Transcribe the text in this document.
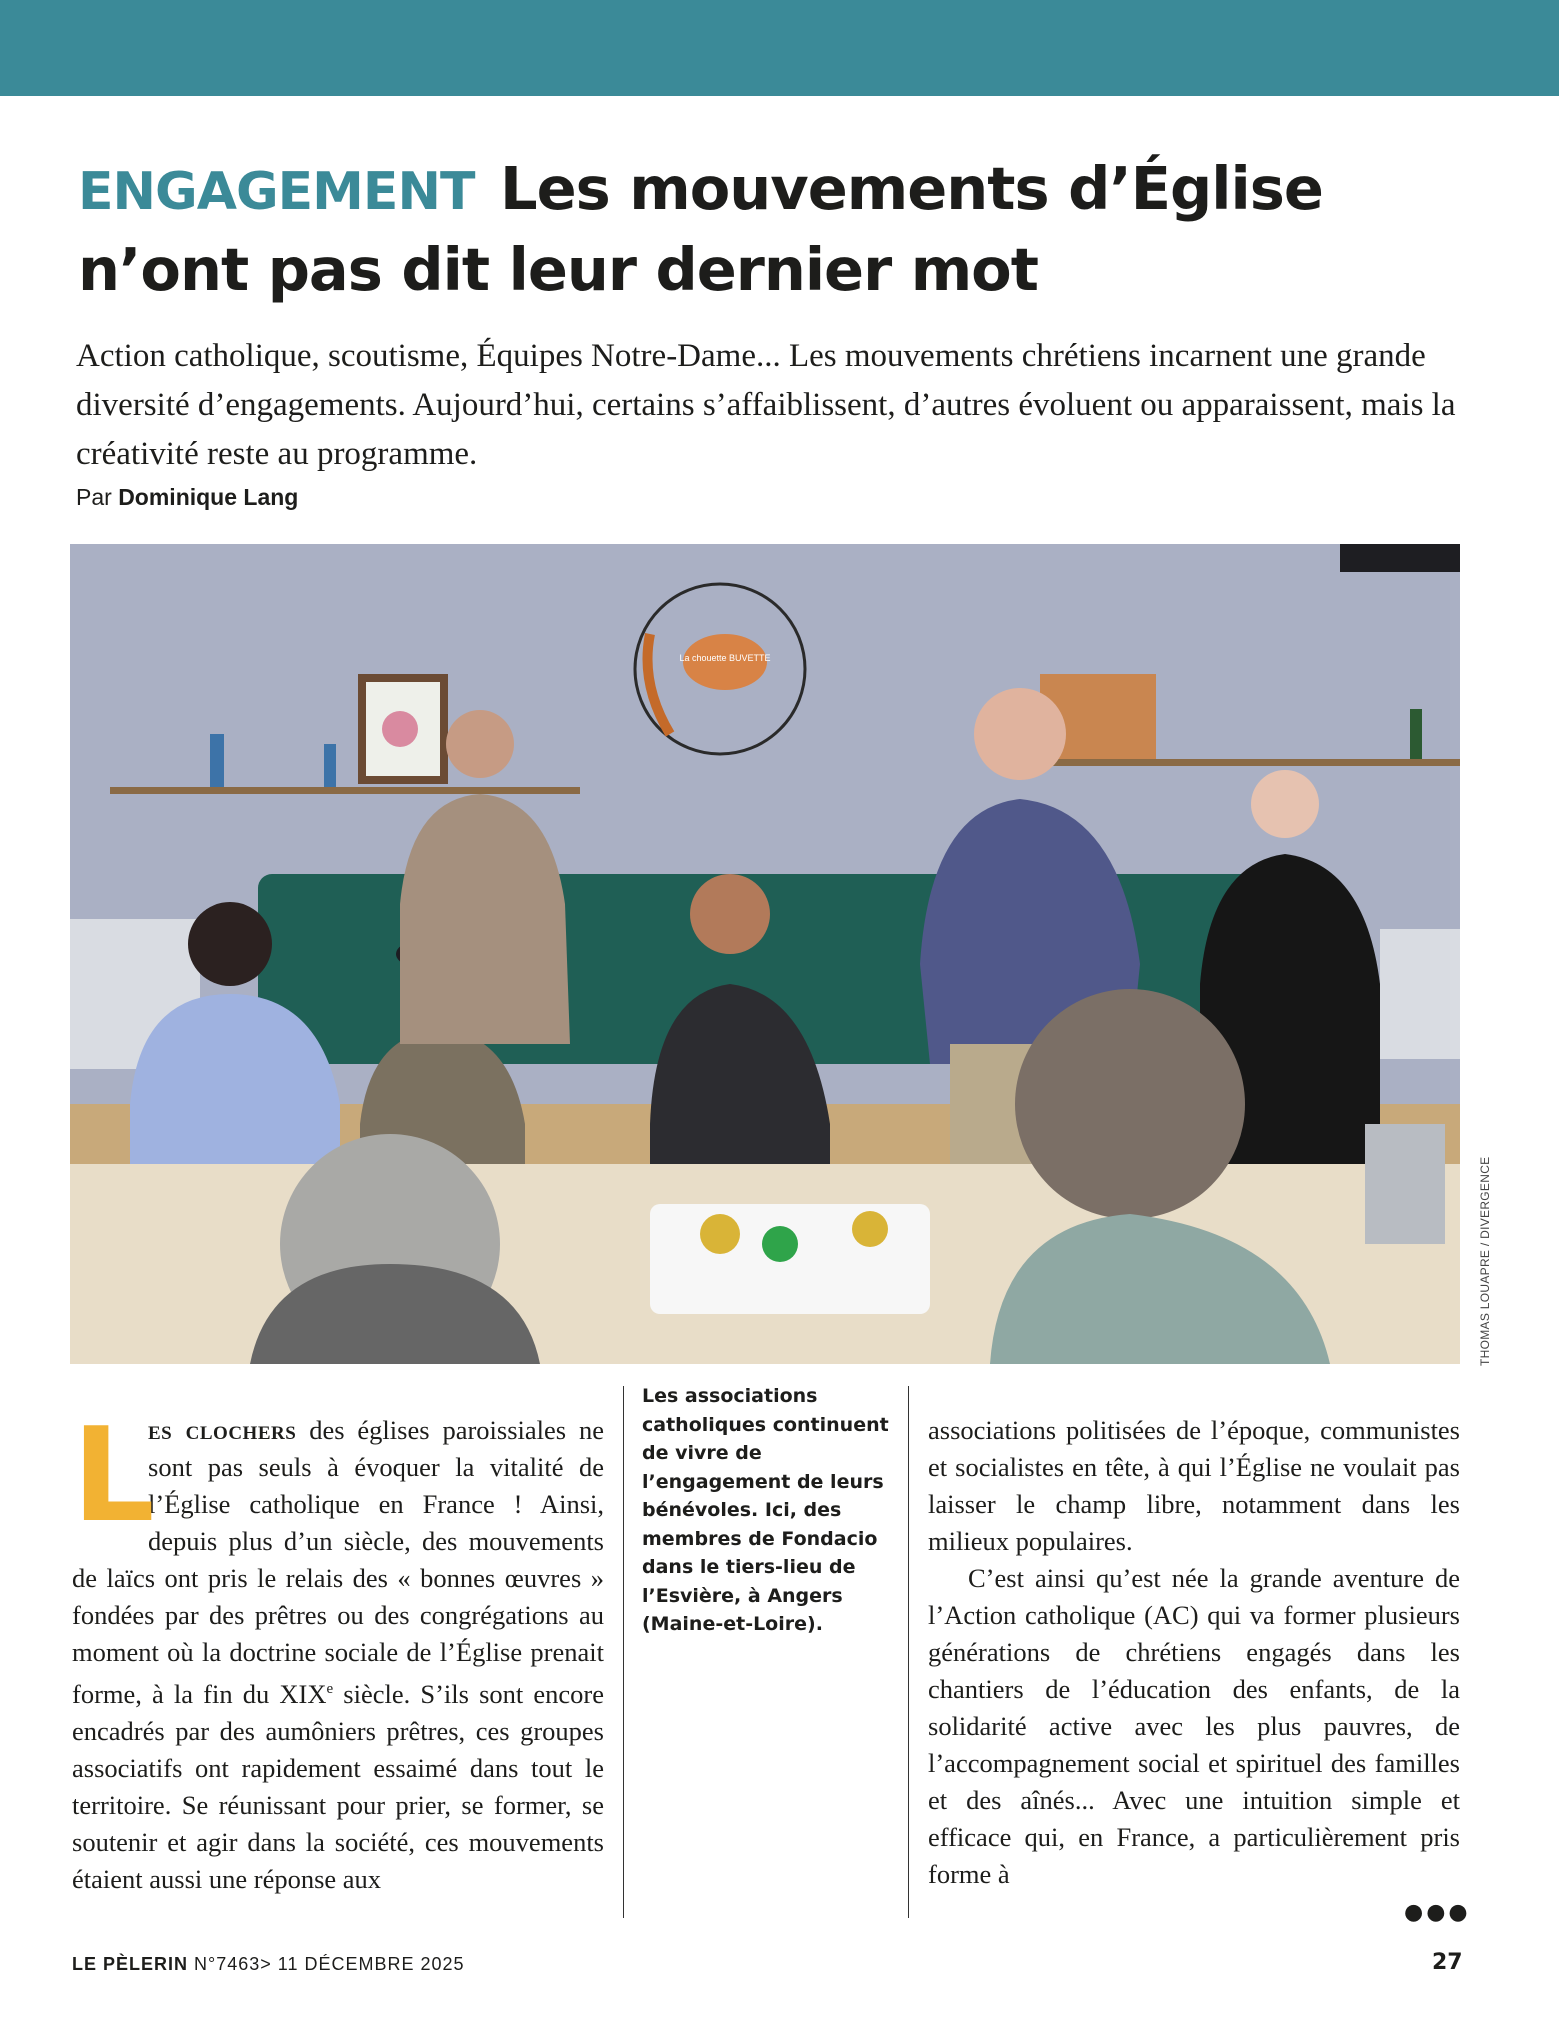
ENGAGEMENT Les mouvements d’Église n’ont pas dit leur dernier mot

Action catholique, scoutisme, Équipes Notre-Dame... Les mouvements chrétiens incarnent une grande diversité d’engagements. Aujourd’hui, certains s’affaiblissent, d’autres évoluent ou apparaissent, mais la créativité reste au programme.

Par Dominique Lang
La chouette BUVETTE
THOMAS LOUAPRE / DIVERGENCE

L
es clochers des églises paroissiales ne sont pas seuls à évoquer la vitalité de l’Église catholique en France ! Ainsi, depuis plus d’un siècle, des mouvements de laïcs ont pris le relais des « bonnes œuvres » fondées par des prêtres ou des congrégations au moment où la doctrine sociale de l’Église prenait forme, à la fin du XIXe siècle. S’ils sont encore encadrés par des aumôniers prêtres, ces groupes associatifs ont rapidement essaimé dans tout le territoire. Se réunissant pour prier, se former, se soutenir et agir dans la société, ces mouvements étaient aussi une réponse aux

Les associations catholiques continuent de vivre de l’engagement de leurs bénévoles. Ici, des membres de Fondacio dans le tiers-lieu de l’Esvière, à Angers (Maine-et-Loire).

associations politisées de l’époque, communistes et socialistes en tête, à qui l’Église ne voulait pas laisser le champ libre, notamment dans les milieux populaires.

C’est ainsi qu’est née la grande aventure de l’Action catholique (AC) qui va former plusieurs générations de chrétiens engagés dans les chantiers de l’éducation des enfants, de la solidarité active avec les plus pauvres, de l’accompagnement social et spirituel des familles et des aînés... Avec une intuition simple et efficace qui, en France, a particulièrement pris forme à

●●●
LE PÈLERIN N°7463> 11 DÉCEMBRE 2025	27
